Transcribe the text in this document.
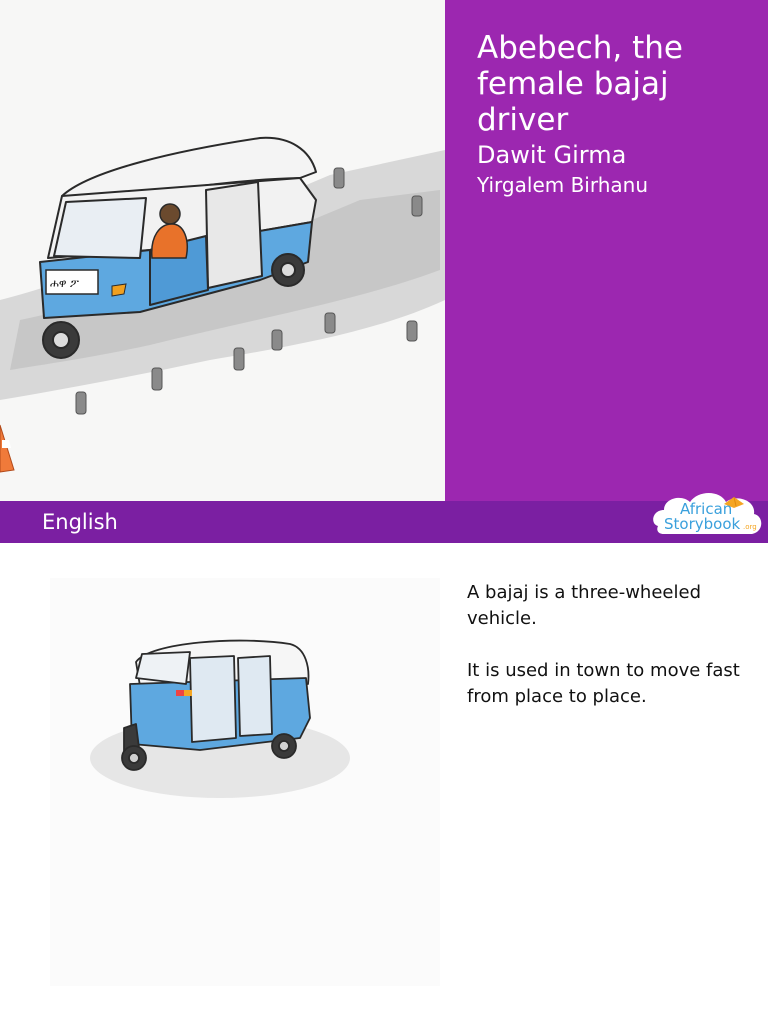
ሐዋ ፖ
Abebech, the female bajaj driver
Dawit Girma
Yirgalem Birhanu
English
African
Storybook .org

A bajaj is a three-wheeled vehicle.

It is used in town to move fast from place to place.
